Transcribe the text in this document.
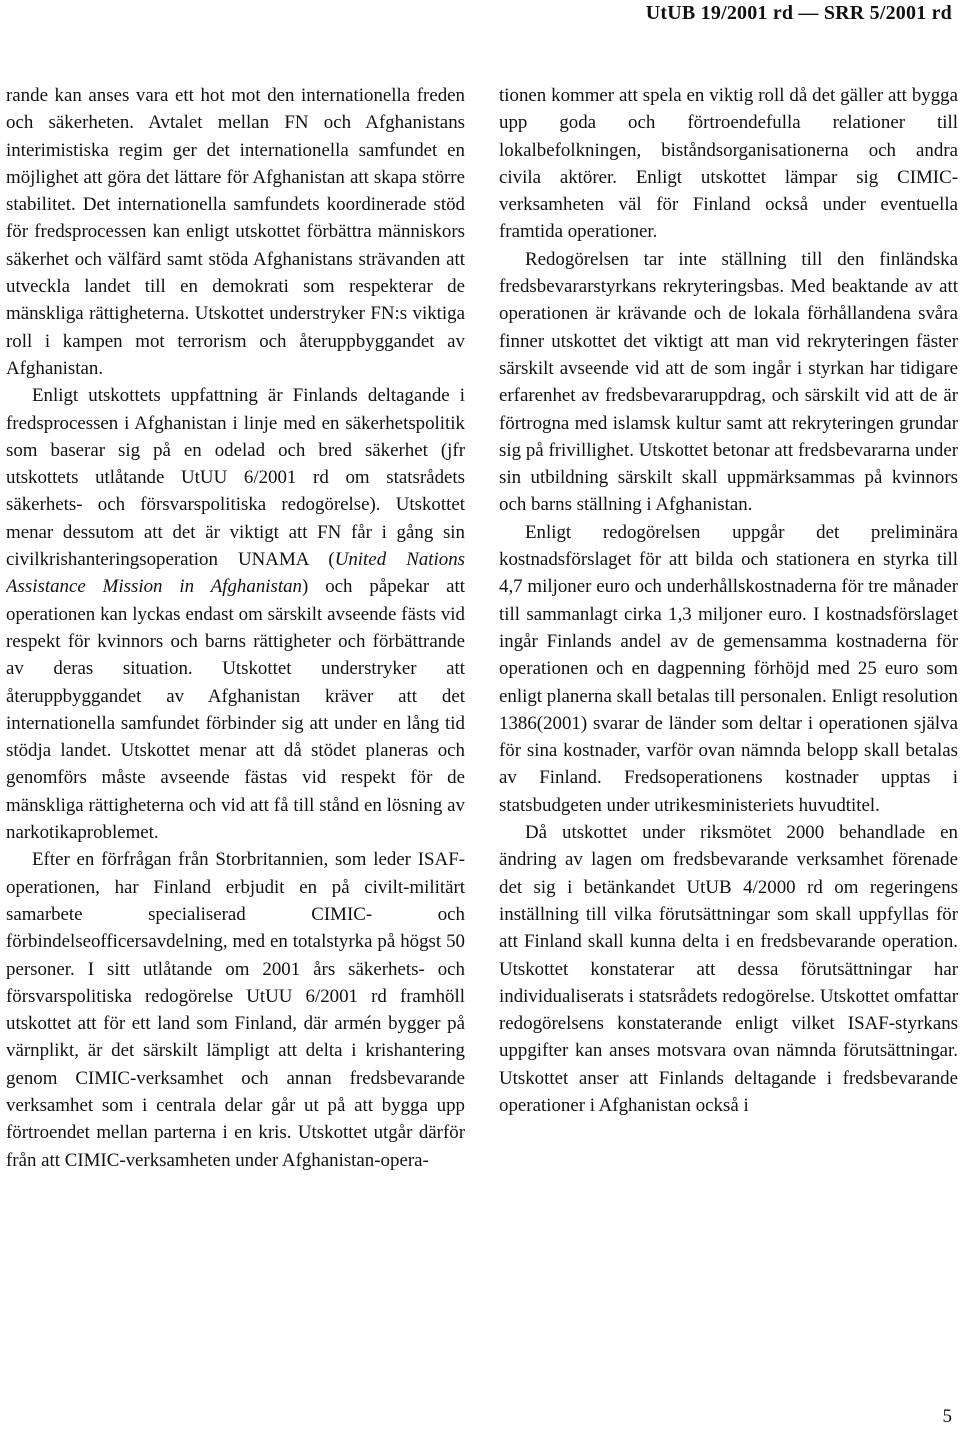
UtUB 19/2001 rd — SRR 5/2001 rd

rande kan anses vara ett hot mot den internationella freden och säkerheten. Avtalet mellan FN och Afghanistans interimistiska regim ger det internationella samfundet en möjlighet att göra det lättare för Afghanistan att skapa större stabilitet. Det internationella samfundets koordinerade stöd för fredsprocessen kan enligt utskottet förbättra människors säkerhet och välfärd samt stöda Afghanistans strävanden att utveckla landet till en demokrati som respekterar de mänskliga rättigheterna. Utskottet understryker FN:s viktiga roll i kampen mot terrorism och återuppbyggandet av Afghanistan.

Enligt utskottets uppfattning är Finlands deltagande i fredsprocessen i Afghanistan i linje med en säkerhetspolitik som baserar sig på en odelad och bred säkerhet (jfr utskottets utlåtande UtUU 6/2001 rd om statsrådets säkerhets- och försvarspolitiska redogörelse). Utskottet menar dessutom att det är viktigt att FN får i gång sin civilkrishanteringsoperation UNAMA (United Nations Assistance Mission in Afghanistan) och påpekar att operationen kan lyckas endast om särskilt avseende fästs vid respekt för kvinnors och barns rättigheter och förbättrande av deras situation. Utskottet understryker att återuppbyggandet av Afghanistan kräver att det internationella samfundet förbinder sig att under en lång tid stödja landet. Utskottet menar att då stödet planeras och genomförs måste avseende fästas vid respekt för de mänskliga rättigheterna och vid att få till stånd en lösning av narkotikaproblemet.

Efter en förfrågan från Storbritannien, som leder ISAF-operationen, har Finland erbjudit en på civilt-militärt samarbete specialiserad CIMIC- och förbindelseofficersavdelning, med en totalstyrka på högst 50 personer. I sitt utlåtande om 2001 års säkerhets- och försvarspolitiska redogörelse UtUU 6/2001 rd framhöll utskottet att för ett land som Finland, där armén bygger på värnplikt, är det särskilt lämpligt att delta i krishantering genom CIMIC-verksamhet och annan fredsbevarande verksamhet som i centrala delar går ut på att bygga upp förtroendet mellan parterna i en kris. Utskottet utgår därför från att CIMIC-verksamheten under Afghanistan-opera-

tionen kommer att spela en viktig roll då det gäller att bygga upp goda och förtroendefulla relationer till lokalbefolkningen, biståndsorganisationerna och andra civila aktörer. Enligt utskottet lämpar sig CIMIC-verksamheten väl för Finland också under eventuella framtida operationer.

Redogörelsen tar inte ställning till den finländska fredsbevararstyrkans rekryteringsbas. Med beaktande av att operationen är krävande och de lokala förhållandena svåra finner utskottet det viktigt att man vid rekryteringen fäster särskilt avseende vid att de som ingår i styrkan har tidigare erfarenhet av fredsbevararuppdrag, och särskilt vid att de är förtrogna med islamsk kultur samt att rekryteringen grundar sig på frivillighet. Utskottet betonar att fredsbevararna under sin utbildning särskilt skall uppmärksammas på kvinnors och barns ställning i Afghanistan.

Enligt redogörelsen uppgår det preliminära kostnadsförslaget för att bilda och stationera en styrka till 4,7 miljoner euro och underhållskostnaderna för tre månader till sammanlagt cirka 1,3 miljoner euro. I kostnadsförslaget ingår Finlands andel av de gemensamma kostnaderna för operationen och en dagpenning förhöjd med 25 euro som enligt planerna skall betalas till personalen. Enligt resolution 1386(2001) svarar de länder som deltar i operationen själva för sina kostnader, varför ovan nämnda belopp skall betalas av Finland. Fredsoperationens kostnader upptas i statsbudgeten under utrikesministeriets huvudtitel.

Då utskottet under riksmötet 2000 behandlade en ändring av lagen om fredsbevarande verksamhet förenade det sig i betänkandet UtUB 4/2000 rd om regeringens inställning till vilka förutsättningar som skall uppfyllas för att Finland skall kunna delta i en fredsbevarande operation. Utskottet konstaterar att dessa förutsättningar har individualiserats i statsrådets redogörelse. Utskottet omfattar redogörelsens konstaterande enligt vilket ISAF-styrkans uppgifter kan anses motsvara ovan nämnda förutsättningar. Utskottet anser att Finlands deltagande i fredsbevarande operationer i Afghanistan också i

5
